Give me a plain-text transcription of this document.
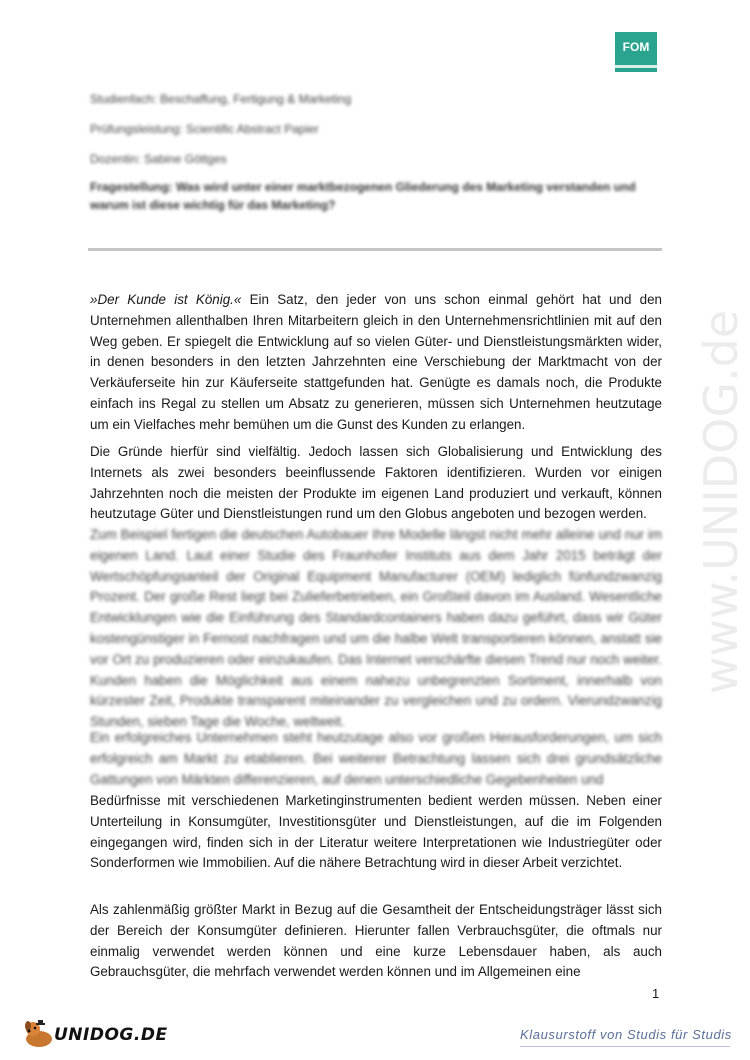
FOM
Studienfach: Beschaffung, Fertigung & Marketing
Prüfungsleistung: Scientific Abstract Papier
Dozentin: Sabine Göttges
Fragestellung: Was wird unter einer marktbezogenen Gliederung des Marketing verstanden und warum ist diese wichtig für das Marketing?

»Der Kunde ist König.« Ein Satz, den jeder von uns schon einmal gehört hat und den Unternehmen allenthalben Ihren Mitarbeitern gleich in den Unternehmensrichtlinien mit auf den Weg geben. Er spiegelt die Entwicklung auf so vielen Güter- und Dienstleistungsmärkten wider, in denen besonders in den letzten Jahrzehnten eine Verschiebung der Marktmacht von der Verkäuferseite hin zur Käuferseite stattgefunden hat. Genügte es damals noch, die Produkte einfach ins Regal zu stellen um Absatz zu generieren, müssen sich Unternehmen heutzutage um ein Vielfaches mehr bemühen um die Gunst des Kunden zu erlangen.

Die Gründe hierfür sind vielfältig. Jedoch lassen sich Globalisierung und Entwicklung des Internets als zwei besonders beeinflussende Faktoren identifizieren. Wurden vor einigen Jahrzehnten noch die meisten der Produkte im eigenen Land produziert und verkauft, können heutzutage Güter und Dienstleistungen rund um den Globus angeboten und bezogen werden.

Zum Beispiel fertigen die deutschen Autobauer Ihre Modelle längst nicht mehr alleine und nur im eigenen Land. Laut einer Studie des Fraunhofer Instituts aus dem Jahr 2015 beträgt der Wertschöpfungsanteil der Original Equipment Manufacturer (OEM) lediglich fünfundzwanzig Prozent. Der große Rest liegt bei Zulieferbetrieben, ein Großteil davon im Ausland. Wesentliche Entwicklungen wie die Einführung des Standardcontainers haben dazu geführt, dass wir Güter kostengünstiger in Fernost nachfragen und um die halbe Welt transportieren können, anstatt sie vor Ort zu produzieren oder einzukaufen. Das Internet verschärfte diesen Trend nur noch weiter. Kunden haben die Möglichkeit aus einem nahezu unbegrenzten Sortiment, innerhalb von kürzester Zeit, Produkte transparent miteinander zu vergleichen und zu ordern. Vierundzwanzig Stunden, sieben Tage die Woche, weltweit.

Ein erfolgreiches Unternehmen steht heutzutage also vor großen Herausforderungen, um sich erfolgreich am Markt zu etablieren. Bei weiterer Betrachtung lassen sich drei grundsätzliche Gattungen von Märkten differenzieren, auf denen unterschiedliche Gegebenheiten und

Bedürfnisse mit verschiedenen Marketinginstrumenten bedient werden müssen. Neben einer Unterteilung in Konsumgüter, Investitionsgüter und Dienstleistungen, auf die im Folgenden eingegangen wird, finden sich in der Literatur weitere Interpretationen wie Industriegüter oder Sonderformen wie Immobilien. Auf die nähere Betrachtung wird in dieser Arbeit verzichtet.

Als zahlenmäßig größter Markt in Bezug auf die Gesamtheit der Entscheidungsträger lässt sich der Bereich der Konsumgüter definieren. Hierunter fallen Verbrauchsgüter, die oftmals nur einmalig verwendet werden können und eine kurze Lebensdauer haben, als auch Gebrauchsgüter, die mehrfach verwendet werden können und im Allgemeinen eine

www.UNIDOG.de
1
UNIDOG.DE	Klausurstoff von Studis für Studis
